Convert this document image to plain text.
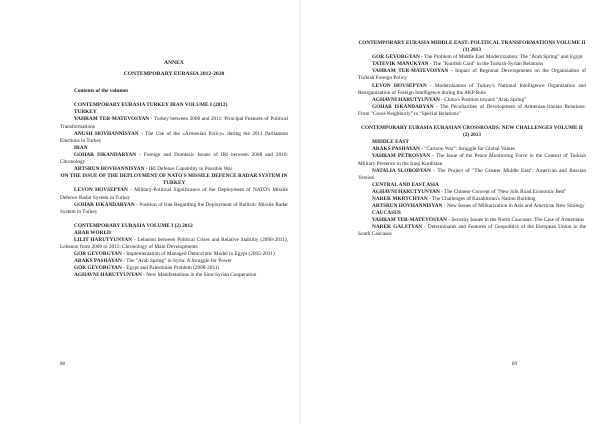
ANNEX
CONTEMPORARY EURASIA 2012-2020
Contents of the volumes
CONTEMPORARY EURASIA TURKEY IRAN VOLUME I (2012)
TURKEY
VAHRAM TER-MATEVOSYAN - Turkey between 2008 and 2011: Principal Features of Political Transformations
ANUSH HOVHANNISYAN - The Use of the «Armenian Policy» during the 2011 Parliament Elections in Turkey
IRAN
GOHAR ISKANDARYAN - Foreign and Domestic Issues of IRI between 2008 and 2010: Chronology
ARTSRUN HOVHANNISYAN - IRI Defense Capability in Possible War
ON THE ISSUE OF THE DEPLOYMENT OF NATO'S MISSILE DEFENCE RADAR SYSTEM IN TURKEY
LEVON HOVSEPYAN - Military-Political Significance of the Deployment of NATO's Missile Defence Radar System in Turkey
GOHAR ISKANDARYAN - Position of Iran Regarding the Deployment of Ballistic Missile Radar System in Turkey
CONTEMPORARY EURASIA VOLUME I (2) 2012
ARAB WORLD
LILIT HARUTYUNYAN - Lebanon between Political Crises and Relative Stability (2008-2011), Lebanon from 2008 to 2011: Chronology of Main Developments
GOR GEVORGYAN - Implementation of Managed Democratic Model in Egypt (2005-2011)
ARAKS PASHAYAN - The "Arab Spring" in Syria: A Struggle for Power
GOR GEVORGYAN - Egypt and Palestinian Problem (2008-2011)
AGHAVNI HARUTYUNYAN - New Manifestations in the Sino-Syrian Cooperation
88
CONTEMPORARY EURASIA MIDDLE EAST: POLITICAL TRANSFORMATIONS VOLUME II (1) 2013
GOR GEVORGYAN - The Problem of Middle East Modernization: The "Arab Spring" and Egypt
TATEVIK MANUKYAN - The "Kurdish Card" in the Turkish-Syrian Relations
VAHRAM TER-MATEVOSYAN - Impact of Regional Developments on the Organization of Turkish Foreign Policy
LEVON HOVSEPYAN - Modernization of Turkey's National Intelligence Organization and Reorganization of Foreign Intelligence during the AKP Rule
AGHAVNI HARUTYUNYAN - China's Position toward "Arab Spring"
GOHAR ISKANDARYAN - The Peculiarities of Development of Armenian-Iranian Relations: From "Good-Neighborly" to "Special Relations"
CONTEMPORARY EURASIA EURASIAN CROSSROADS: NEW CHALLENGES VOLUME II (2) 2013
MIDDLE EAST
ARAKS PASHAYAN - "Cartoon War": Struggle for Global Values
VAHRAM PETROSYAN - The Issue of the Peace Monitoring Force in the Context of Turkish Military Presence in the Iraqi Kurdistan
NATALIA SLOBODYAN - The Project of "The Greater Middle East": American and Russian Version
CENTRAL AND EAST ASIA
AGHAVNI HARUTYUNYAN - The Chinese Concept of "New Silk Road Economic Belt"
NAREK MKRTCHYAN - The Challenges of Kazakhstan's Nation Building
ARTSRUN HOVHANNISYAN - New Issues of Militarization in Asia and American New Strategy
CAUCASUS
VAHRAM TER-MATEVOSYAN - Security Issues in the North Caucasus: The Case of Armenians
NAREK GALSTYAN - Determinants and Features of Geopolitics of the European Union in the South Caucasus
89
